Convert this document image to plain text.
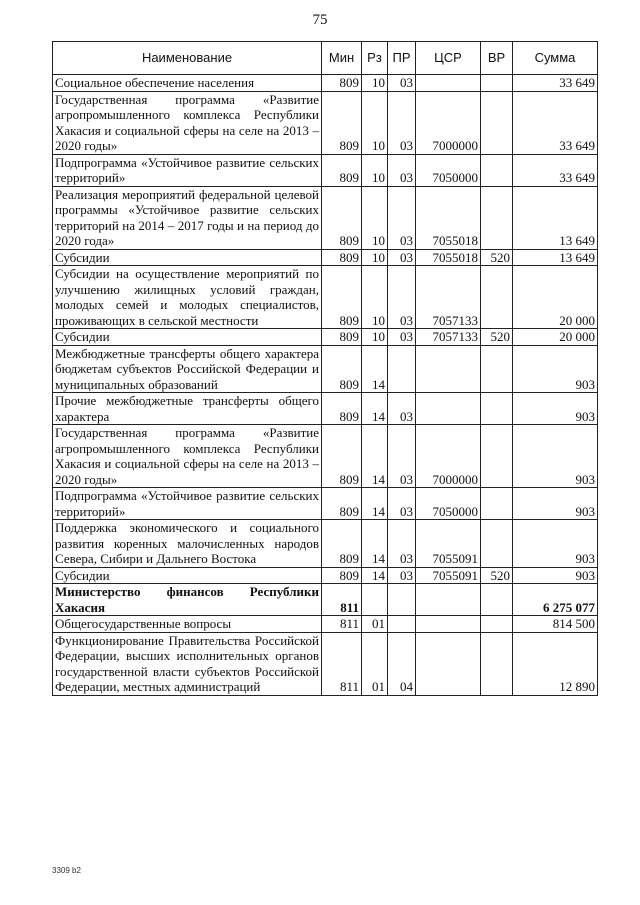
75
Наименование	Мин	Рз	ПР	ЦСР	ВР	Сумма
Социальное обеспечение населения	809	10	03			33 649
Государственная программа «Развитие агропромышленного комплекса Республики Хакасия и социальной сферы на селе на 2013 – 2020 годы»	809	10	03	7000000		33 649
Подпрограмма «Устойчивое развитие сельских территорий»	809	10	03	7050000		33 649
Реализация мероприятий федеральной целевой программы «Устойчивое развитие сельских территорий на 2014 – 2017 годы и на период до 2020 года»	809	10	03	7055018		13 649
Субсидии	809	10	03	7055018	520	13 649
Субсидии на осуществление мероприятий по улучшению жилищных условий граждан, молодых семей и молодых специалистов, проживающих в сельской местности	809	10	03	7057133		20 000
Субсидии	809	10	03	7057133	520	20 000
Межбюджетные трансферты общего характера бюджетам субъектов Российской Федерации и муниципальных образований	809	14				903
Прочие межбюджетные трансферты общего характера	809	14	03			903
Государственная программа «Развитие агропромышленного комплекса Республики Хакасия и социальной сферы на селе на 2013 – 2020 годы»	809	14	03	7000000		903
Подпрограмма «Устойчивое развитие сельских территорий»	809	14	03	7050000		903
Поддержка экономического и социального развития коренных малочисленных народов Севера, Сибири и Дальнего Востока	809	14	03	7055091		903
Субсидии	809	14	03	7055091	520	903
Министерство финансов Республики Хакасия	811					6 275 077
Общегосударственные вопросы	811	01				814 500
Функционирование Правительства Российской Федерации, высших исполнительных органов государственной власти субъектов Российской Федерации, местных администраций	811	01	04			12 890
3309 b2
